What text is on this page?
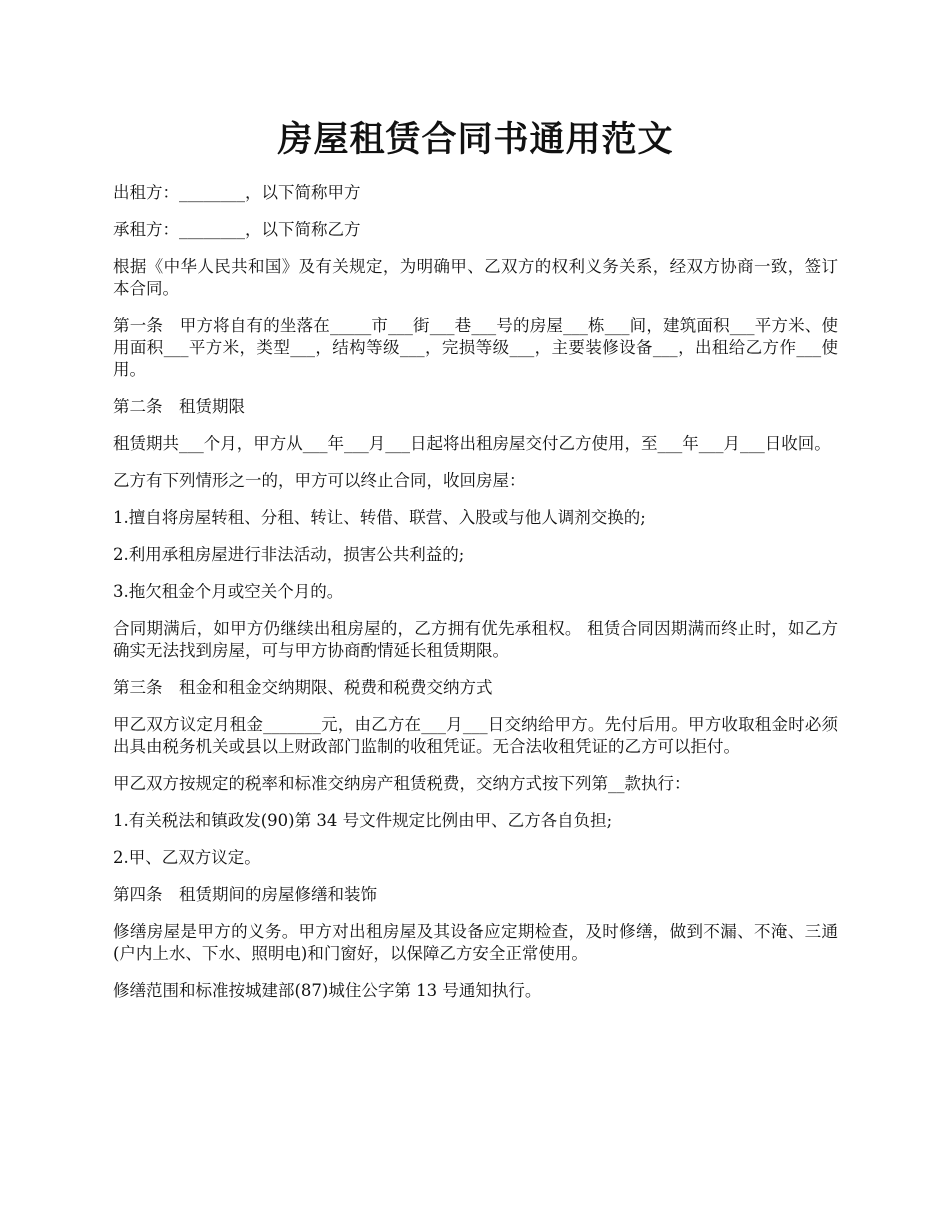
房屋租赁合同书通用范文

出租方：________，以下简称甲方

承租方：________，以下简称乙方

根据《中华人民共和国》及有关规定，为明确甲、乙双方的权利义务关系，经双方协商一致，签订本合同。

第一条　甲方将自有的坐落在_____市___街___巷___号的房屋___栋___间，建筑面积___平方米、使用面积___平方米，类型___，结构等级___，完损等级___，主要装修设备___，出租给乙方作___使用。

第二条　租赁期限

租赁期共___个月，甲方从___年___月___日起将出租房屋交付乙方使用，至___年___月___日收回。

乙方有下列情形之一的，甲方可以终止合同，收回房屋：

1.擅自将房屋转租、分租、转让、转借、联营、入股或与他人调剂交换的;

2.利用承租房屋进行非法活动，损害公共利益的;

3.拖欠租金个月或空关个月的。

合同期满后，如甲方仍继续出租房屋的，乙方拥有优先承租权。 租赁合同因期满而终止时，如乙方确实无法找到房屋，可与甲方协商酌情延长租赁期限。

第三条　租金和租金交纳期限、税费和税费交纳方式

甲乙双方议定月租金_______元，由乙方在___月___日交纳给甲方。先付后用。甲方收取租金时必须出具由税务机关或县以上财政部门监制的收租凭证。无合法收租凭证的乙方可以拒付。

甲乙双方按规定的税率和标准交纳房产租赁税费，交纳方式按下列第__款执行：

1.有关税法和镇政发(90)第 34 号文件规定比例由甲、乙方各自负担;

2.甲、乙双方议定。

第四条　租赁期间的房屋修缮和装饰

修缮房屋是甲方的义务。甲方对出租房屋及其设备应定期检查，及时修缮，做到不漏、不淹、三通(户内上水、下水、照明电)和门窗好，以保障乙方安全正常使用。

修缮范围和标准按城建部(87)城住公字第 13 号通知执行。
